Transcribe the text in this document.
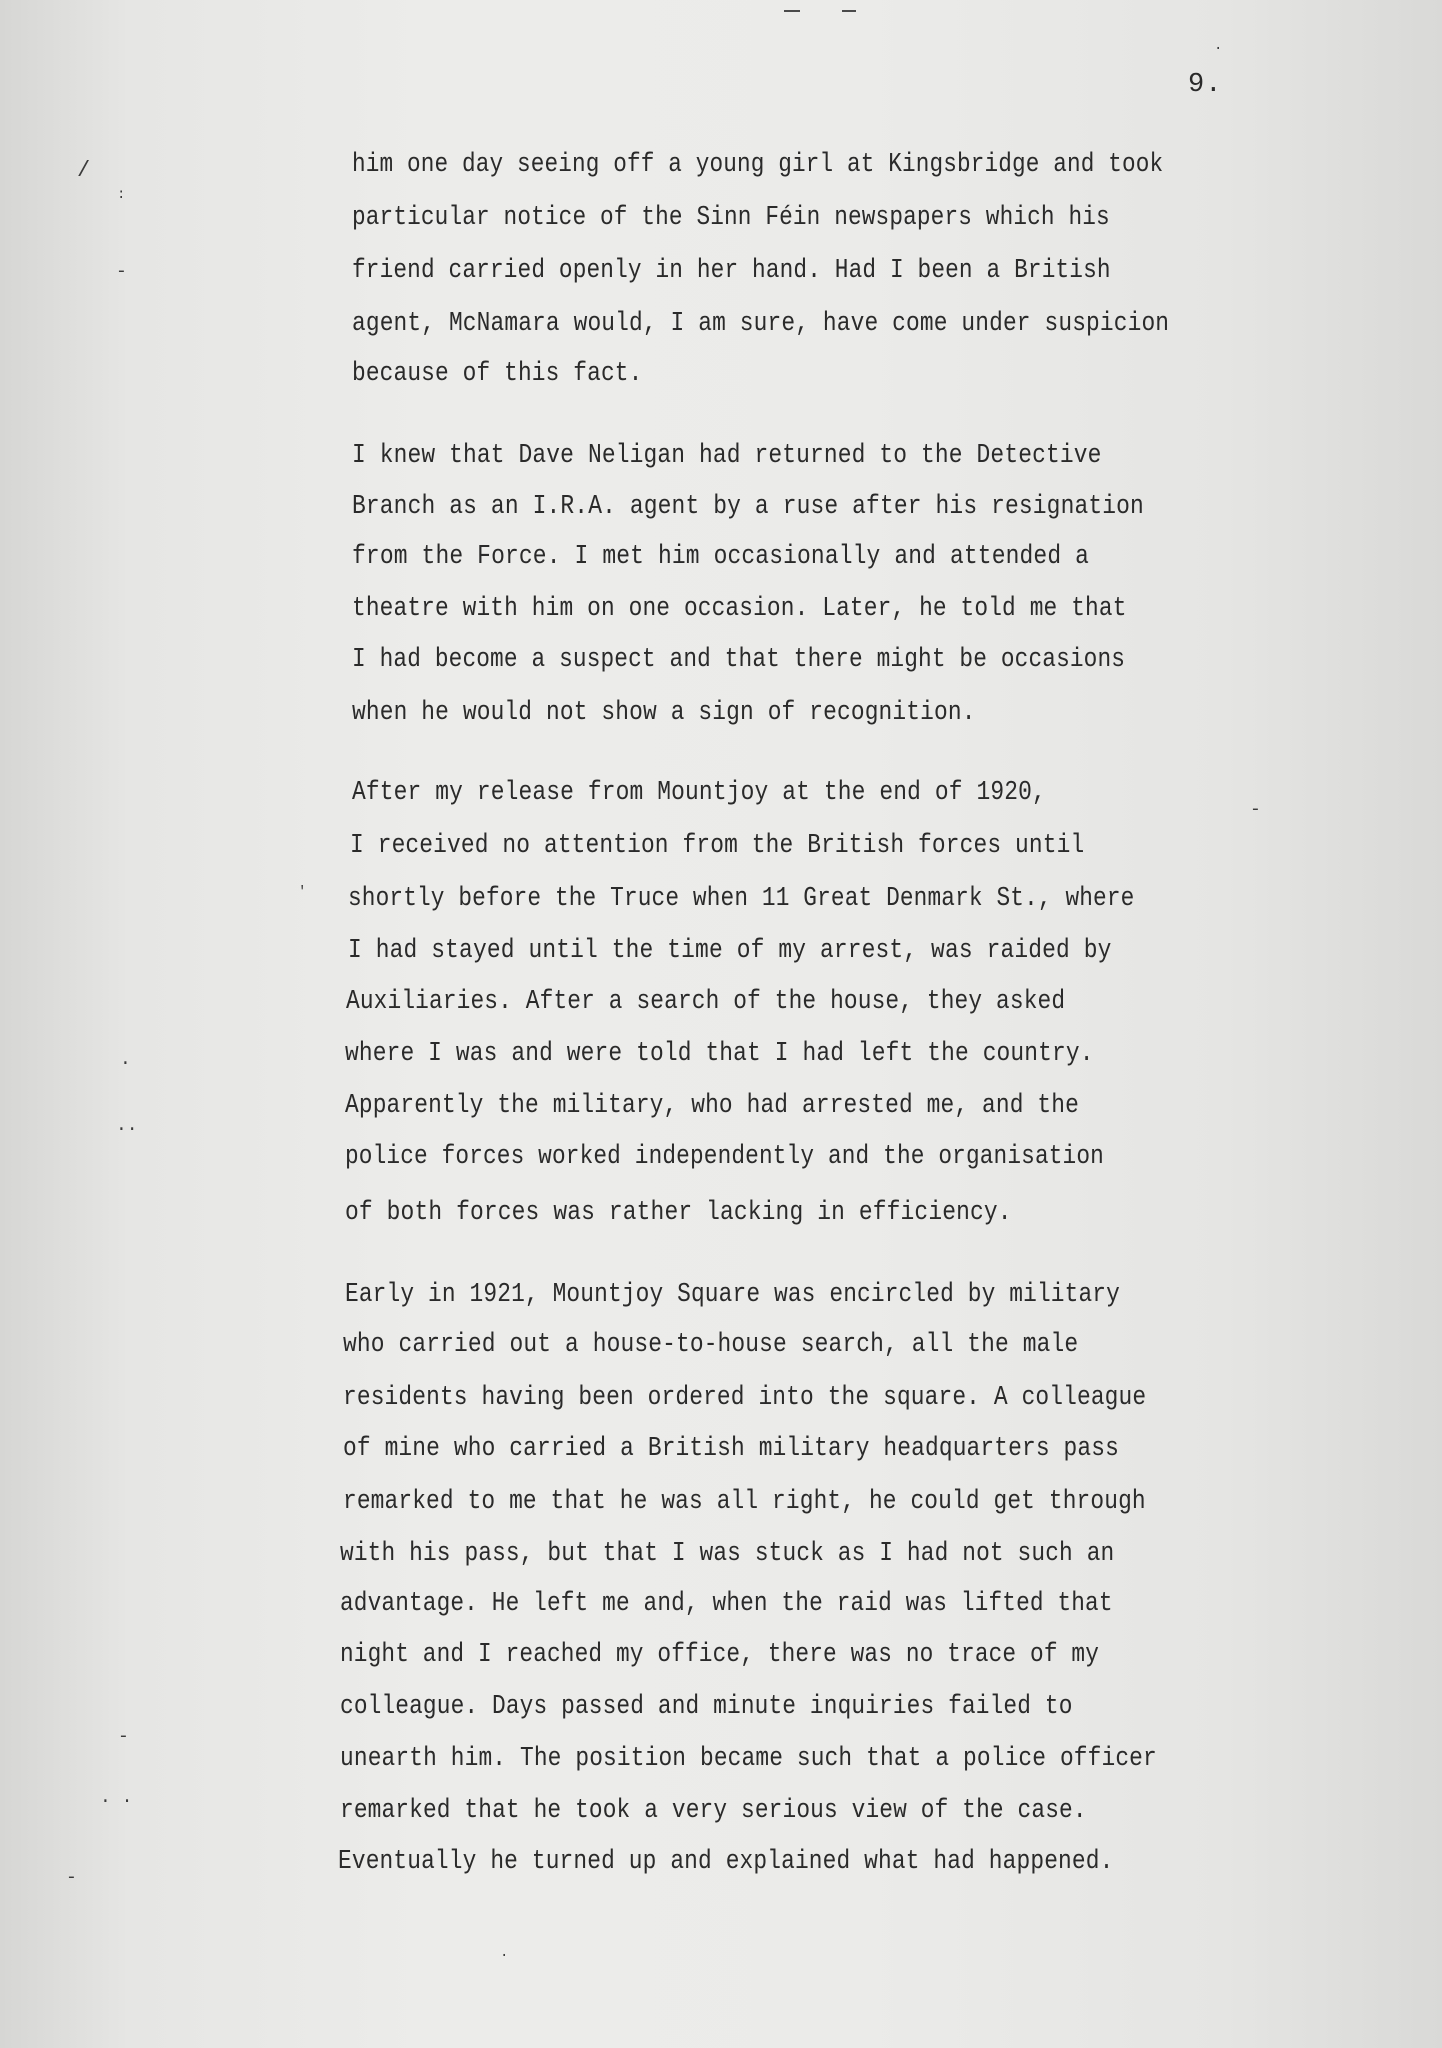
9.
him one day seeing off a young girl at Kingsbridge and took
particular notice of the Sinn Féin newspapers which his
friend carried openly in her hand. Had I been a British
agent, McNamara would, I am sure, have come under suspicion
because of this fact.
I knew that Dave Neligan had returned to the Detective
Branch as an I.R.A. agent by a ruse after his resignation
from the Force. I met him occasionally and attended a
theatre with him on one occasion. Later, he told me that
I had become a suspect and that there might be occasions
when he would not show a sign of recognition.
After my release from Mountjoy at the end of 1920,
I received no attention from the British forces until
shortly before the Truce when 11 Great Denmark St., where
I had stayed until the time of my arrest, was raided by
Auxiliaries. After a search of the house, they asked
where I was and were told that I had left the country.
Apparently the military, who had arrested me, and the
police forces worked independently and the organisation
of both forces was rather lacking in efficiency.
Early in 1921, Mountjoy Square was encircled by military
who carried out a house-to-house search, all the male
residents having been ordered into the square. A colleague
of mine who carried a British military headquarters pass
remarked to me that he was all right, he could get through
with his pass, but that I was stuck as I had not such an
advantage. He left me and, when the raid was lifted that
night and I reached my office, there was no trace of my
colleague. Days passed and minute inquiries failed to
unearth him. The position became such that a police officer
remarked that he took a very serious view of the case.
Eventually he turned up and explained what had happened.
/
:
-
'
.
..
-
. .
-
.
.
-
